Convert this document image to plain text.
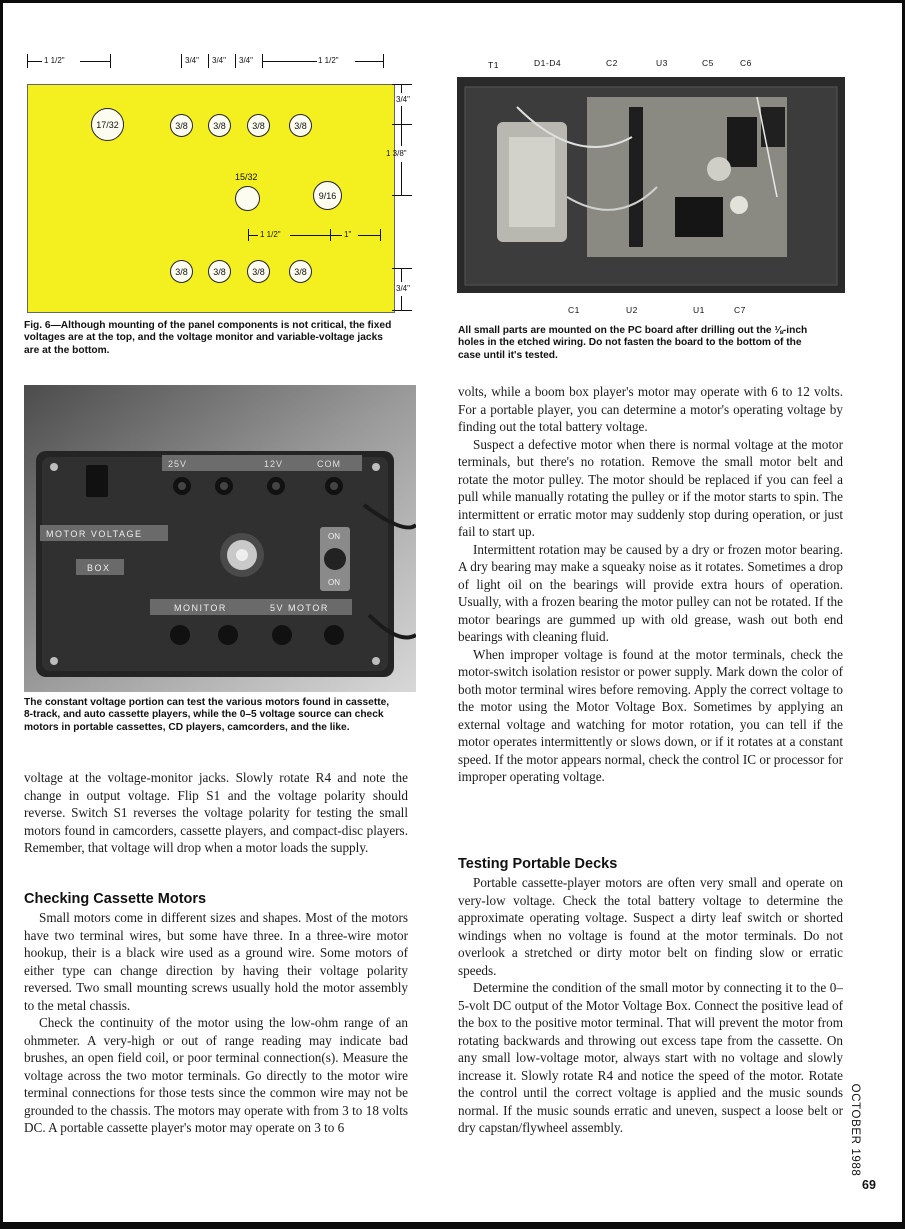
1 1/2"	3/4" 3/4" 3/4"	1 1/2"
17/32	3/8	3/8	3/8	3/8
15/32
9/16
1 1/2"	1"
3/8	3/8	3/8	3/8
3/4"
1 3/8"
3/4"
Fig. 6—Although mounting of the panel components is not critical, the fixed voltages are at the top, and the voltage monitor and variable-voltage jacks are at the bottom.
T1	D1-D4	C2	U3	C5	C6
C1	U2	U1	C7
All small parts are mounted on the PC board after drilling out the ⅛-inch holes in the etched wiring. Do not fasten the board to the bottom of the case until it's tested.
25V	12V	COM
MOTOR VOLTAGE
BOX
MONITOR	5V MOTOR
ON
ON
The constant voltage portion can test the various motors found in cassette, 8-track, and auto cassette players, while the 0–5 voltage source can check motors in portable cassettes, CD players, camcorders, and the like.

voltage at the voltage-monitor jacks. Slowly rotate R4 and note the change in output voltage. Flip S1 and the voltage polarity should reverse. Switch S1 reverses the voltage polarity for testing the small motors found in camcorders, cassette players, and compact-disc players. Remember, that voltage will drop when a motor loads the supply.

Checking Cassette Motors

Small motors come in different sizes and shapes. Most of the motors have two terminal wires, but some have three. In a three-wire motor hookup, their is a black wire used as a ground wire. Some motors of either type can change direction by having their voltage polarity reversed. Two small mounting screws usually hold the motor assembly to the metal chassis.

Check the continuity of the motor using the low-ohm range of an ohmmeter. A very-high or out of range reading may indicate bad brushes, an open field coil, or poor terminal connection(s). Measure the voltage across the two motor terminals. Go directly to the motor wire terminal connections for those tests since the common wire may not be grounded to the chassis. The motors may operate with from 3 to 18 volts DC. A portable cassette player's motor may operate on 3 to 6

volts, while a boom box player's motor may operate with 6 to 12 volts. For a portable player, you can determine a motor's operating voltage by finding out the total battery voltage.

Suspect a defective motor when there is normal voltage at the motor terminals, but there's no rotation. Remove the small motor belt and rotate the motor pulley. The motor should be replaced if you can feel a pull while manually rotating the pulley or if the motor starts to spin. The intermittent or erratic motor may suddenly stop during operation, or just fail to start up.

Intermittent rotation may be caused by a dry or frozen motor bearing. A dry bearing may make a squeaky noise as it rotates. Sometimes a drop of light oil on the bearings will provide extra hours of operation. Usually, with a frozen bearing the motor pulley can not be rotated. If the motor bearings are gummed up with old grease, wash out both end bearings with cleaning fluid.

When improper voltage is found at the motor terminals, check the motor-switch isolation resistor or power supply. Mark down the color of both motor terminal wires before removing. Apply the correct voltage to the motor using the Motor Voltage Box. Sometimes by applying an external voltage and watching for motor rotation, you can tell if the motor operates intermittently or slows down, or if it rotates at a constant speed. If the motor appears normal, check the control IC or processor for improper operating voltage.

Testing Portable Decks

Portable cassette-player motors are often very small and operate on very-low voltage. Check the total battery voltage to determine the approximate operating voltage. Suspect a dirty leaf switch or shorted windings when no voltage is found at the motor terminals. Do not overlook a stretched or dirty motor belt on finding slow or erratic speeds.

Determine the condition of the small motor by connecting it to the 0–5-volt DC output of the Motor Voltage Box. Connect the positive lead of the box to the positive motor terminal. That will prevent the motor from rotating backwards and throwing out excess tape from the cassette. On any small low-voltage motor, always start with no voltage and slowly increase it. Slowly rotate R4 and notice the speed of the motor. Rotate the control until the correct voltage is applied and the music sounds normal. If the music sounds erratic and uneven, suspect a loose belt or dry capstan/flywheel assembly.	OCTOBER 1988
69
